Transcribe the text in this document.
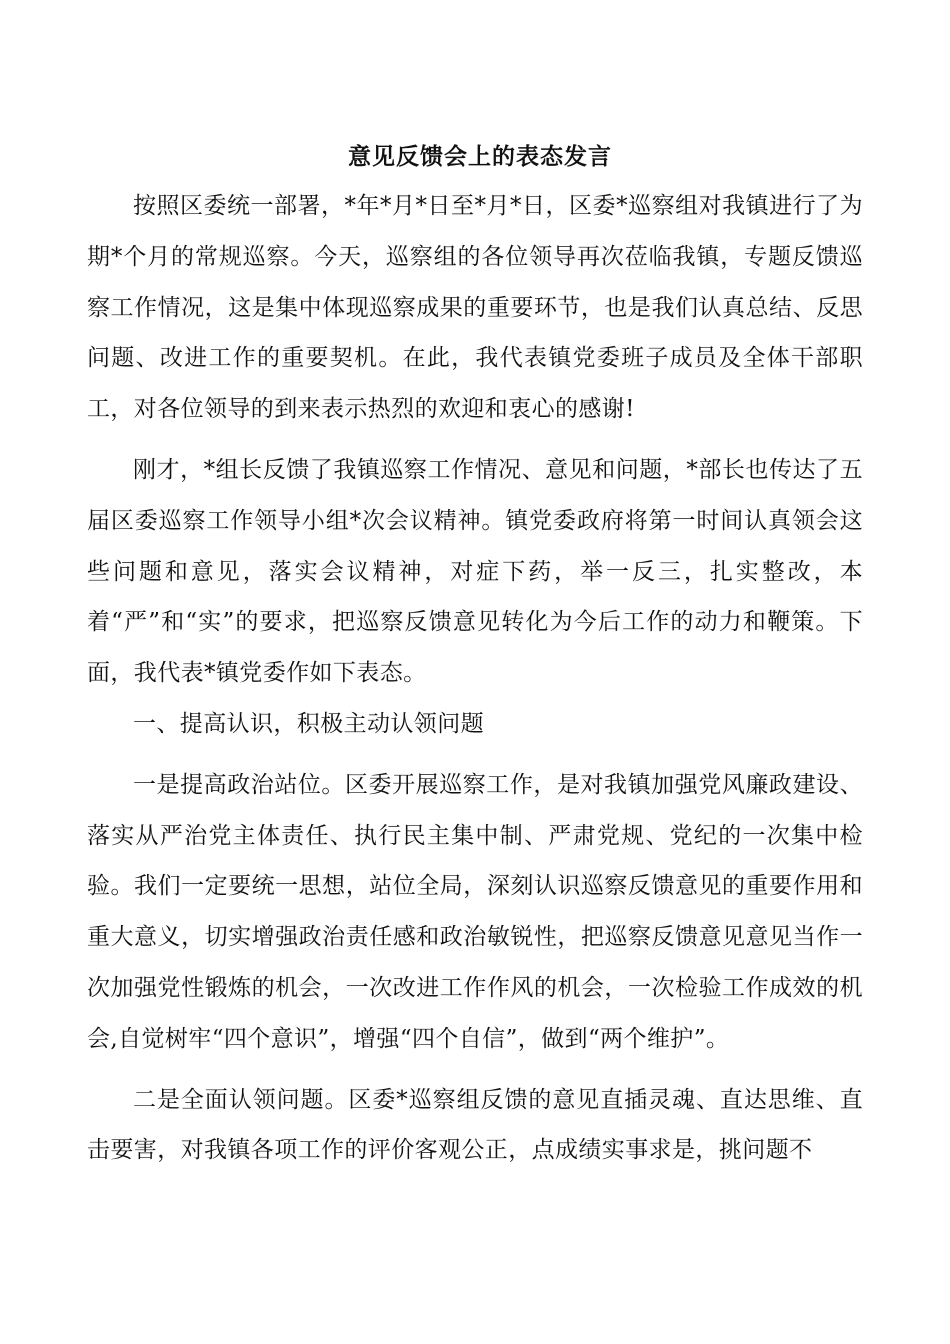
意见反馈会上的表态发言

按照区委统一部署，*年*月*日至*月*日，区委*巡察组对我镇进行了为期*个月的常规巡察。今天，巡察组的各位领导再次莅临我镇，专题反馈巡察工作情况，这是集中体现巡察成果的重要环节，也是我们认真总结、反思问题、改进工作的重要契机。在此，我代表镇党委班子成员及全体干部职工，对各位领导的到来表示热烈的欢迎和衷心的感谢!

刚才，*组长反馈了我镇巡察工作情况、意见和问题，*部长也传达了五届区委巡察工作领导小组*次会议精神。镇党委政府将第一时间认真领会这些问题和意见，落实会议精神，对症下药，举一反三，扎实整改，本着“严”和“实”的要求，把巡察反馈意见转化为今后工作的动力和鞭策。下面，我代表*镇党委作如下表态。

一、提高认识，积极主动认领问题

一是提高政治站位。区委开展巡察工作，是对我镇加强党风廉政建设、落实从严治党主体责任、执行民主集中制、严肃党规、党纪的一次集中检验。我们一定要统一思想，站位全局，深刻认识巡察反馈意见的重要作用和重大意义，切实增强政治责任感和政治敏锐性，把巡察反馈意见意见当作一次加强党性锻炼的机会，一次改进工作作风的机会，一次检验工作成效的机会,自觉树牢“四个意识”，增强“四个自信”，做到“两个维护”。

二是全面认领问题。区委*巡察组反馈的意见直插灵魂、直达思维、直击要害，对我镇各项工作的评价客观公正，点成绩实事求是，挑问题不
